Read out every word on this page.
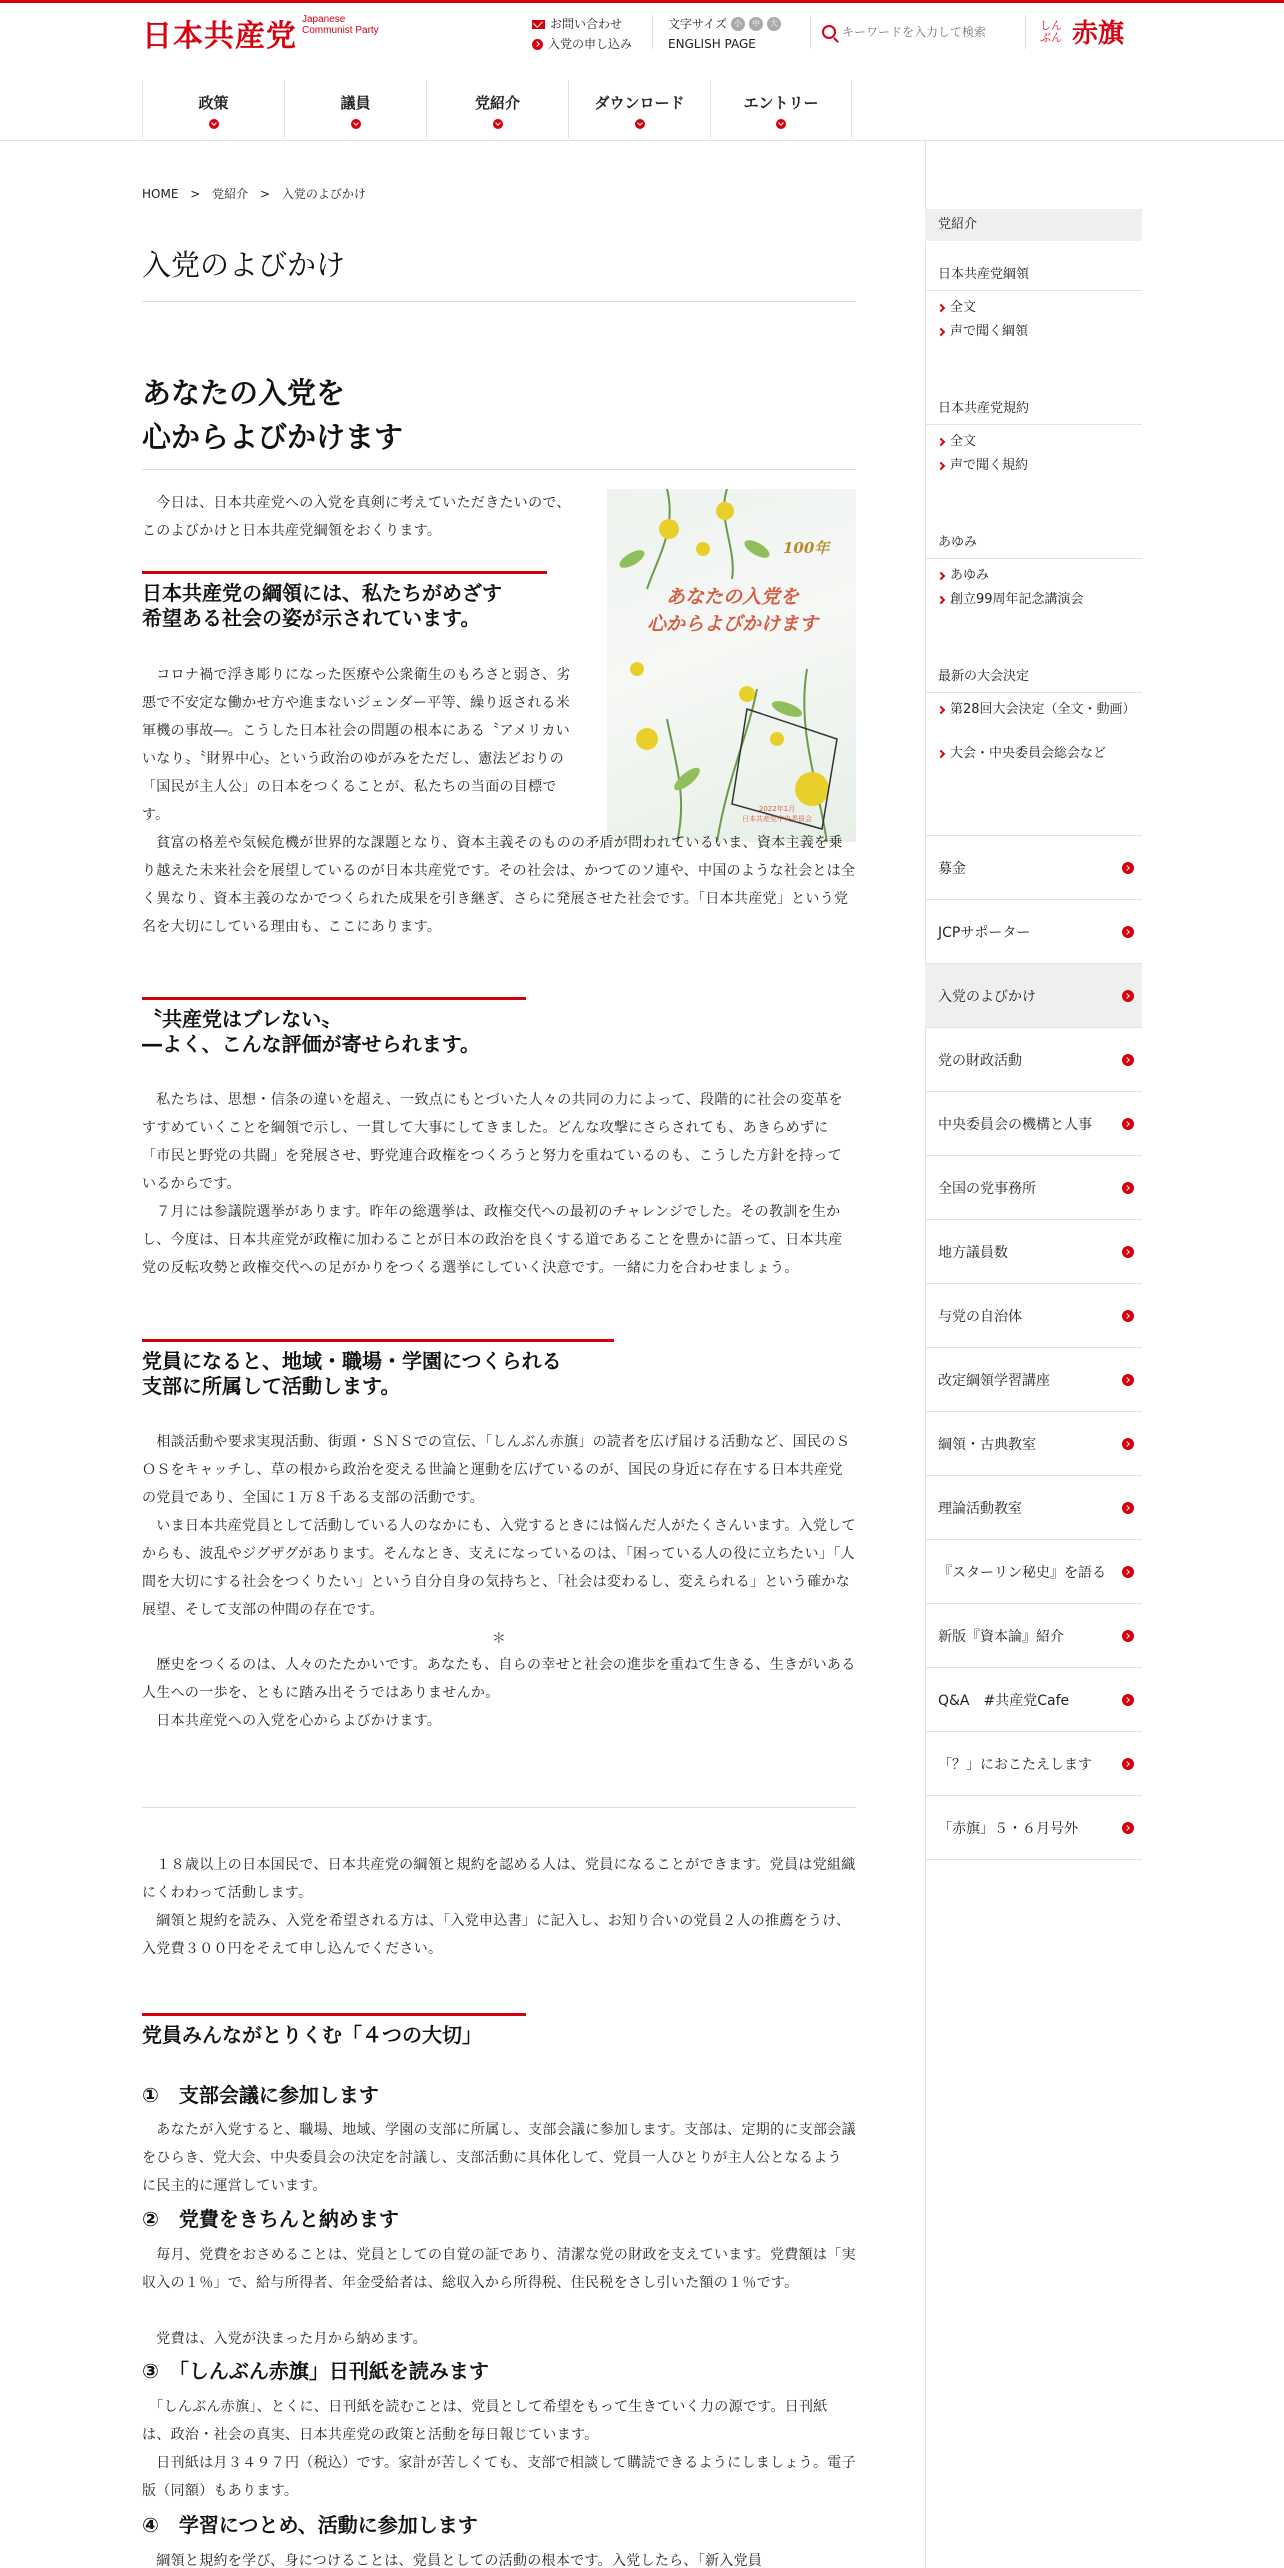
日本共産党 Japanese Communist Party	お問い合わせ
入党の申し込み
文字サイズ 小	中	大
ENGLISH PAGE
キーワードを入力して検索
しんぶん 赤旗
政策	議員	党紹介	ダウンロード	エントリー
HOME > 党紹介 > 入党のよびかけ
入党のよびかけ
あなたの入党を
心からよびかけます
100年
あなたの入党を
心からよびかけます
2022年1月
日本共産党中央委員会

　今日は、日本共産党への入党を真剣に考えていただきたいので、このよびかけと日本共産党綱領をおくります。

日本共産党の綱領には、私たちがめざす
希望ある社会の姿が示されています。

　コロナ禍で浮き彫りになった医療や公衆衛生のもろさと弱さ、劣悪で不安定な働かせ方や進まないジェンダー平等、繰り返される米軍機の事故―。こうした日本社会の問題の根本にある〝アメリカいいなり〟〝財界中心〟という政治のゆがみをただし、憲法どおりの「国民が主人公」の日本をつくることが、私たちの当面の目標です。

　貧富の格差や気候危機が世界的な課題となり、資本主義そのものの矛盾が問われているいま、資本主義を乗り越えた未来社会を展望しているのが日本共産党です。その社会は、かつてのソ連や、中国のような社会とは全く異なり、資本主義のなかでつくられた成果を引き継ぎ、さらに発展させた社会です。「日本共産党」という党名を大切にしている理由も、ここにあります。

〝共産党はブレない〟
―よく、こんな評価が寄せられます。

　私たちは、思想・信条の違いを超え、一致点にもとづいた人々の共同の力によって、段階的に社会の変革をすすめていくことを綱領で示し、一貫して大事にしてきました。どんな攻撃にさらされても、あきらめずに「市民と野党の共闘」を発展させ、野党連合政権をつくろうと努力を重ねているのも、こうした方針を持っているからです。

　７月には参議院選挙があります。昨年の総選挙は、政権交代への最初のチャレンジでした。その教訓を生かし、今度は、日本共産党が政権に加わることが日本の政治を良くする道であることを豊かに語って、日本共産党の反転攻勢と政権交代への足がかりをつくる選挙にしていく決意です。一緒に力を合わせましょう。

党員になると、地域・職場・学園につくられる
支部に所属して活動します。

　相談活動や要求実現活動、街頭・ＳＮＳでの宣伝、「しんぶん赤旗」の読者を広げ届ける活動など、国民のＳＯＳをキャッチし、草の根から政治を変える世論と運動を広げているのが、国民の身近に存在する日本共産党の党員であり、全国に１万８千ある支部の活動です。

　いま日本共産党員として活動している人のなかにも、入党するときには悩んだ人がたくさんいます。入党してからも、波乱やジグザグがあります。そんなとき、支えになっているのは、「困っている人の役に立ちたい」「人間を大切にする社会をつくりたい」という自分自身の気持ちと、「社会は変わるし、変えられる」という確かな展望、そして支部の仲間の存在です。

＊

　歴史をつくるのは、人々のたたかいです。あなたも、自らの幸せと社会の進歩を重ねて生きる、生きがいある人生への一歩を、ともに踏み出そうではありませんか。

　日本共産党への入党を心からよびかけます。

　１８歳以上の日本国民で、日本共産党の綱領と規約を認める人は、党員になることができます。党員は党組織にくわわって活動します。

　綱領と規約を読み、入党を希望される方は、「入党申込書」に記入し、お知り合いの党員２人の推薦をうけ、入党費３００円をそえて申し込んでください。

党員みんながとりくむ「４つの大切」
①　支部会議に参加します

　あなたが入党すると、職場、地域、学園の支部に所属し、支部会議に参加します。支部は、定期的に支部会議をひらき、党大会、中央委員会の決定を討議し、支部活動に具体化して、党員一人ひとりが主人公となるように民主的に運営しています。

②　党費をきちんと納めます

　毎月、党費をおさめることは、党員としての自覚の証であり、清潔な党の財政を支えています。党費額は「実収入の１％」で、給与所得者、年金受給者は、総収入から所得税、住民税をさし引いた額の１％です。

　党費は、入党が決まった月から納めます。

③　「しんぶん赤旗」日刊紙を読みます

　「しんぶん赤旗」、とくに、日刊紙を読むことは、党員として希望をもって生きていく力の源です。日刊紙は、政治・社会の真実、日本共産党の政策と活動を毎日報じています。

　日刊紙は月３４９７円（税込）です。家計が苦しくても、支部で相談して購読できるようにしましょう。電子版（同額）もあります。

④　学習につとめ、活動に参加します

　綱領と規約を学び、身につけることは、党員としての活動の根本です。入党したら、「新入党員

党紹介
日本共産党綱領
全文
声で聞く綱領
日本共産党規約
全文
声で聞く規約
あゆみ
あゆみ
創立99周年記念講演会
最新の大会決定
第28回大会決定（全文・動画）
大会・中央委員会総会など
募金
JCPサポーター
入党のよびかけ
党の財政活動
中央委員会の機構と人事
全国の党事務所
地方議員数
与党の自治体
改定綱領学習講座
綱領・古典教室
理論活動教室
『スターリン秘史』を語る
新版『資本論』紹介
Q&A　#共産党Cafe
「？」におこたえします
「赤旗」５・６月号外
